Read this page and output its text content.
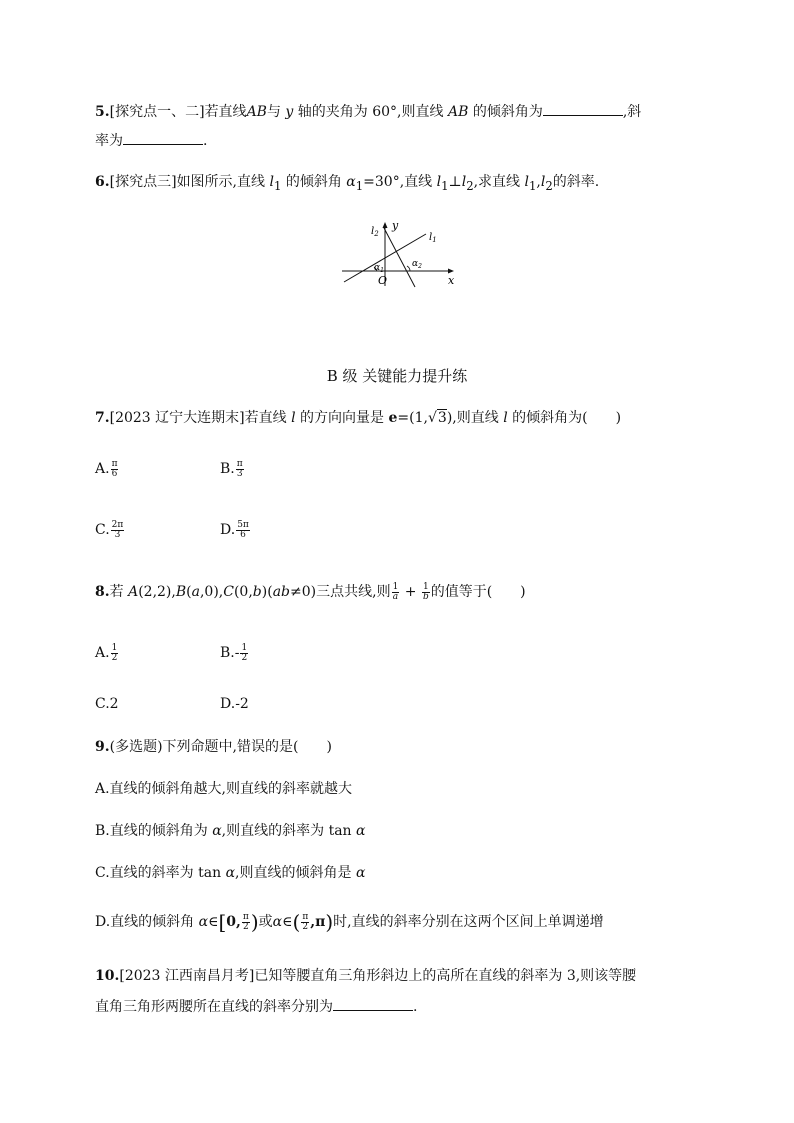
5.[探究点一、二]若直线AB与 y 轴的夹角为 60°,则直线 AB 的倾斜角为	,斜
率为	.
6.[探究点三]如图所示,直线 $l_1$ 的倾斜角 $\alpha_1=30^\circ$,直线 $l_1\perp l_2$,求直线 $l_1,l_2$的斜率.
$l_2$
y
$l_1$
$\alpha_1$
$\alpha_2$
O	x
B 级 关键能力提升练
7.[2023 辽宁大连期末]若直线 l 的方向向量是 e=(1,√3),则直线 l 的倾斜角为(　　)
A. $\frac{\pi}{6}$	B. $\frac{\pi}{3}$
C. $\frac{2\pi}{3}$	D. $\frac{5\pi}{6}$
8.若 A(2,2),B(a,0),C(0,b)(ab≠0)三点共线,则 $\frac{1}{a} + \frac{1}{b}$ 的值等于(　　)
A. $\frac{1}{2}$	$B.- \frac{1}{2}$
C.2	D.-2
9.(多选题)下列命题中,错误的是(　　)
A.直线的倾斜角越大,则直线的斜率就越大
B.直线的倾斜角为 α,则直线的斜率为 tan α
C.直线的斜率为 tan α,则直线的倾斜角是 α
D.直线的倾斜角 α∈[0, $\frac{\pi}{2}$ )或α∈( $\frac{\pi}{2} ,\pi$)时,直线的斜率分别在这两个区间上单调递增
10.[2023 江西南昌月考]已知等腰直角三角形斜边上的高所在直线的斜率为 3,则该等腰
直角三角形两腰所在直线的斜率分别为	.
